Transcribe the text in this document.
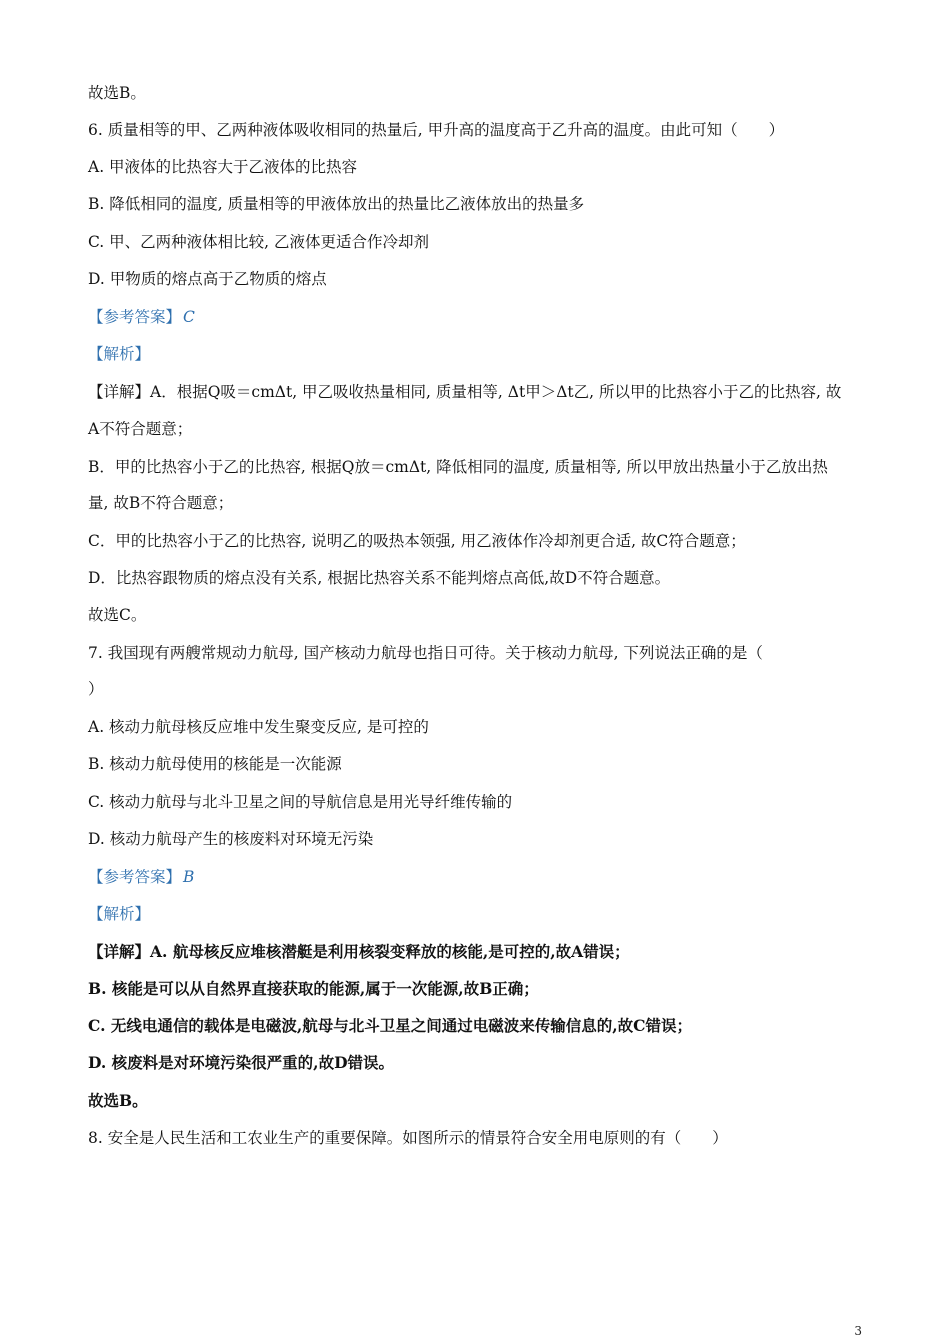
故选B。
6. 质量相等的甲、乙两种液体吸收相同的热量后, 甲升高的温度高于乙升高的温度。由此可知（　　）
A. 甲液体的比热容大于乙液体的比热容
B. 降低相同的温度, 质量相等的甲液体放出的热量比乙液体放出的热量多
C. 甲、乙两种液体相比较, 乙液体更适合作冷却剂
D. 甲物质的熔点高于乙物质的熔点
【参考答案】 C
【解析】
【详解】A．根据Q吸＝cmΔt, 甲乙吸收热量相同, 质量相等, Δt甲＞Δt乙, 所以甲的比热容小于乙的比热容, 故
A不符合题意；
B．甲的比热容小于乙的比热容, 根据Q放＝cmΔt, 降低相同的温度, 质量相等, 所以甲放出热量小于乙放出热
量, 故B不符合题意；
C．甲的比热容小于乙的比热容, 说明乙的吸热本领强, 用乙液体作冷却剂更合适, 故C符合题意；
D．比热容跟物质的熔点没有关系, 根据比热容关系不能判熔点高低,故D不符合题意。
故选C。
7. 我国现有两艘常规动力航母, 国产核动力航母也指日可待。关于核动力航母, 下列说法正确的是（
）
A. 核动力航母核反应堆中发生聚变反应, 是可控的
B. 核动力航母使用的核能是一次能源
C. 核动力航母与北斗卫星之间的导航信息是用光导纤维传输的
D. 核动力航母产生的核废料对环境无污染
【参考答案】 B
【解析】
【详解】A. 航母核反应堆核潜艇是利用核裂变释放的核能,是可控的,故A错误；
B. 核能是可以从自然界直接获取的能源,属于一次能源,故B正确；
C. 无线电通信的载体是电磁波,航母与北斗卫星之间通过电磁波来传输信息的,故C错误；
D. 核废料是对环境污染很严重的,故D错误。
故选B。
8. 安全是人民生活和工农业生产的重要保障。如图所示的情景符合安全用电原则的有（　　）
3
